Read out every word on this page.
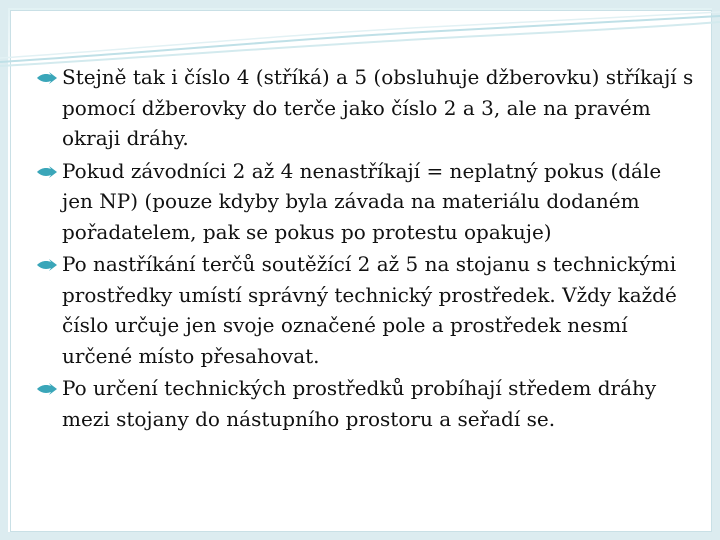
Stejně tak i číslo 4 (stříká) a 5 (obsluhuje džberovku) stříkají s pomocí džberovky do terče jako číslo 2 a 3, ale na pravém okraji dráhy.
Pokud závodníci 2 až 4 nenastříkají = neplatný pokus (dále jen NP) (pouze kdyby byla závada na materiálu dodaném pořadatelem, pak se pokus po protestu opakuje)
Po nastříkání terčů soutěžící 2 až 5 na stojanu s technickými prostředky umístí správný technický prostředek. Vždy každé číslo určuje jen svoje označené pole a prostředek nesmí určené místo přesahovat.
Po určení technických prostředků probíhají středem dráhy mezi stojany do nástupního prostoru a seřadí se.
